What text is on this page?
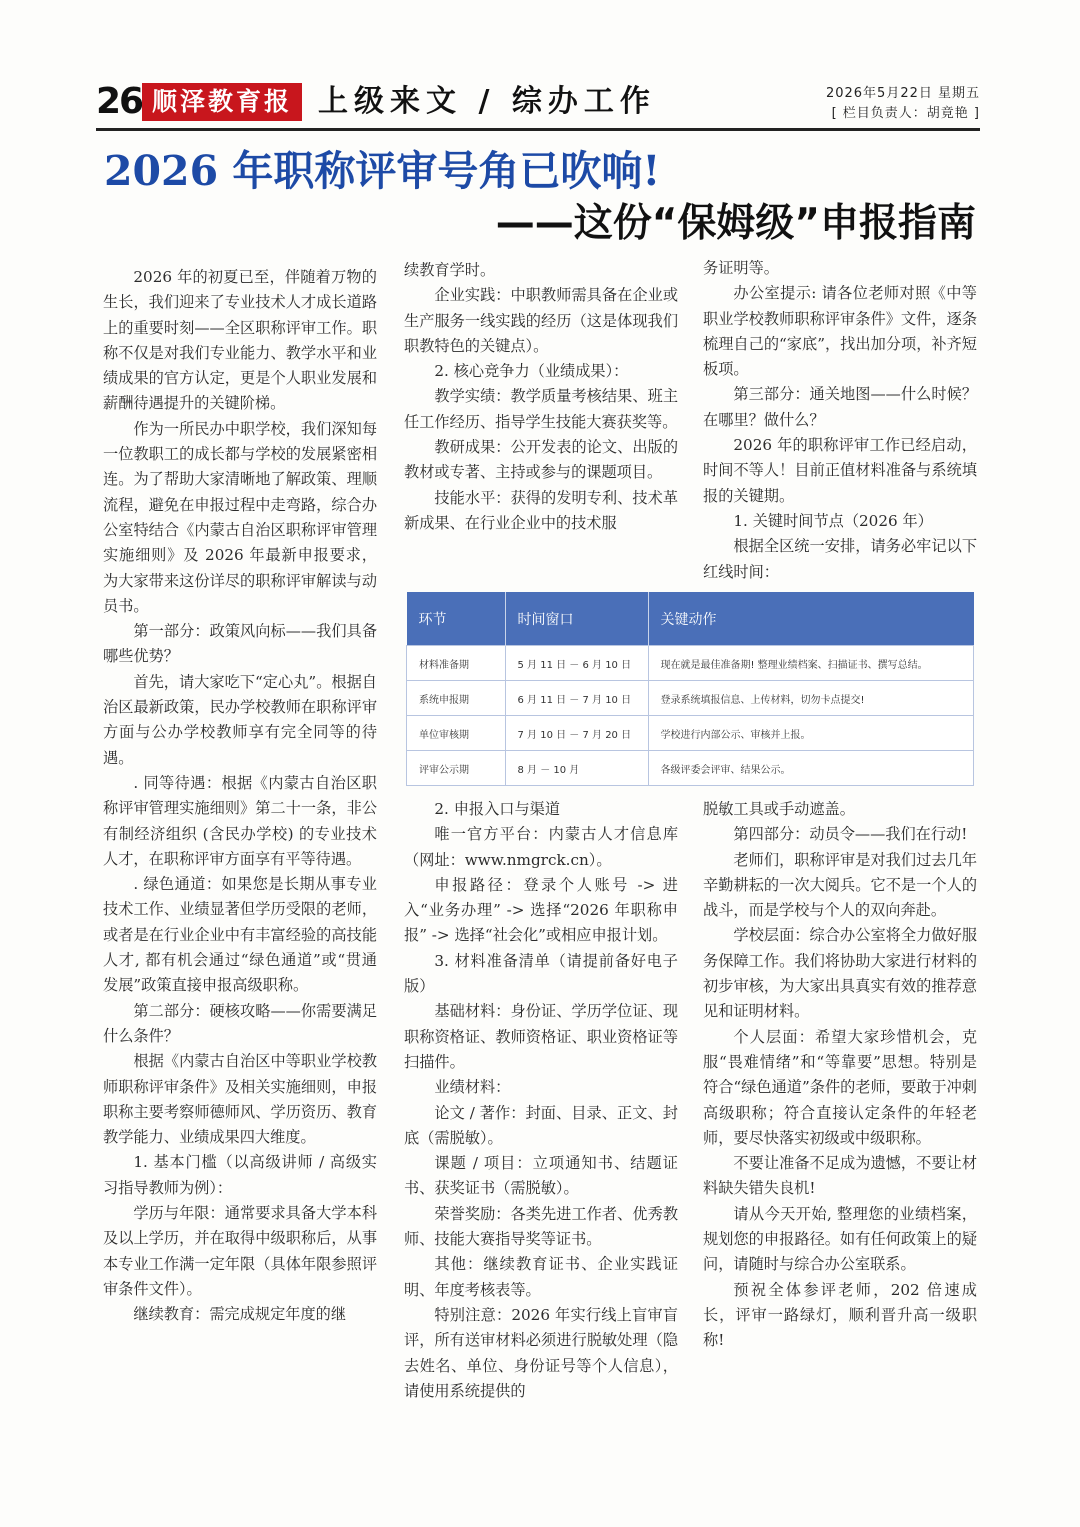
26 顺泽教育报 上级来文 / 综办工作	2026年5月22日 星期五
[ 栏目负责人：胡竟艳 ]
2026 年职称评审号角已吹响!
——这份“保姆级”申报指南

2026 年的初夏已至，伴随着万物的生长，我们迎来了专业技术人才成长道路上的重要时刻——全区职称评审工作。职称不仅是对我们专业能力、教学水平和业绩成果的官方认定，更是个人职业发展和薪酬待遇提升的关键阶梯。

作为一所民办中职学校，我们深知每一位教职工的成长都与学校的发展紧密相连。为了帮助大家清晰地了解政策、理顺流程，避免在申报过程中走弯路，综合办公室特结合《内蒙古自治区职称评审管理实施细则》及 2026 年最新申报要求，为大家带来这份详尽的职称评审解读与动员书。

第一部分：政策风向标——我们具备哪些优势？

首先，请大家吃下“定心丸”。根据自治区最新政策，民办学校教师在职称评审方面与公办学校教师享有完全同等的待遇。

. 同等待遇：根据《内蒙古自治区职称评审管理实施细则》第二十一条，非公有制经济组织 (含民办学校) 的专业技术人才，在职称评审方面享有平等待遇。

. 绿色通道：如果您是长期从事专业技术工作、业绩显著但学历受限的老师，或者是在行业企业中有丰富经验的高技能人才, 都有机会通过“绿色通道”或“贯通发展”政策直接申报高级职称。

第二部分：硬核攻略——你需要满足什么条件？

根据《内蒙古自治区中等职业学校教师职称评审条件》及相关实施细则，申报职称主要考察师德师风、学历资历、教育教学能力、业绩成果四大维度。

1. 基本门槛（以高级讲师 / 高级实习指导教师为例）：

学历与年限：通常要求具备大学本科及以上学历，并在取得中级职称后，从事本专业工作满一定年限（具体年限参照评审条件文件）。

继续教育：需完成规定年度的继

续教育学时。

企业实践：中职教师需具备在企业或生产服务一线实践的经历（这是体现我们职教特色的关键点）。

2. 核心竞争力（业绩成果）：

教学实绩：教学质量考核结果、班主任工作经历、指导学生技能大赛获奖等。

教研成果：公开发表的论文、出版的教材或专著、主持或参与的课题项目。

技能水平：获得的发明专利、技术革新成果、在行业企业中的技术服

务证明等。

办公室提示: 请各位老师对照《中等职业学校教师职称评审条件》文件，逐条梳理自己的“家底”，找出加分项，补齐短板项。

第三部分：通关地图——什么时候？在哪里？做什么？

2026 年的职称评审工作已经启动，时间不等人！目前正值材料准备与系统填报的关键期。

1. 关键时间节点（2026 年）

根据全区统一安排，请务必牢记以下红线时间：

环节	时间窗口	关键动作
材料准备期	5 月 11 日 － 6 月 10 日	现在就是最佳准备期! 整理业绩档案、扫描证书、撰写总结。
系统申报期	6 月 11 日 － 7 月 10 日	登录系统填报信息、上传材料，切勿卡点提交!
单位审核期	7 月 10 日 － 7 月 20 日	学校进行内部公示、审核并上报。
评审公示期	8 月 － 10 月	各级评委会评审、结果公示。

2. 申报入口与渠道

唯一官方平台：内蒙古人才信息库（网址：www.nmgrck.cn）。

申报路径：登录个人账号 -> 进入“业务办理” -> 选择“2026 年职称申报” -> 选择“社会化”或相应申报计划。

3. 材料准备清单（请提前备好电子版）

基础材料：身份证、学历学位证、现职称资格证、教师资格证、职业资格证等扫描件。

业绩材料：

论文 / 著作：封面、目录、正文、封底（需脱敏）。

课题 / 项目：立项通知书、结题证书、获奖证书（需脱敏）。

荣誉奖励：各类先进工作者、优秀教师、技能大赛指导奖等证书。

其他：继续教育证书、企业实践证明、年度考核表等。

特别注意：2026 年实行线上盲审盲评，所有送审材料必须进行脱敏处理（隐去姓名、单位、身份证号等个人信息），请使用系统提供的

脱敏工具或手动遮盖。

第四部分：动员令——我们在行动!

老师们，职称评审是对我们过去几年辛勤耕耘的一次大阅兵。它不是一个人的战斗，而是学校与个人的双向奔赴。

学校层面：综合办公室将全力做好服务保障工作。我们将协助大家进行材料的初步审核，为大家出具真实有效的推荐意见和证明材料。

个人层面：希望大家珍惜机会，克服“畏难情绪”和“等靠要”思想。特别是符合“绿色通道”条件的老师，要敢于冲刺高级职称；符合直接认定条件的年轻老师，要尽快落实初级或中级职称。

不要让准备不足成为遗憾，不要让材料缺失错失良机!

请从今天开始, 整理您的业绩档案，规划您的申报路径。如有任何政策上的疑问，请随时与综合办公室联系。

预祝全体参评老师，202 倍速成长，评审一路绿灯，顺利晋升高一级职称!
